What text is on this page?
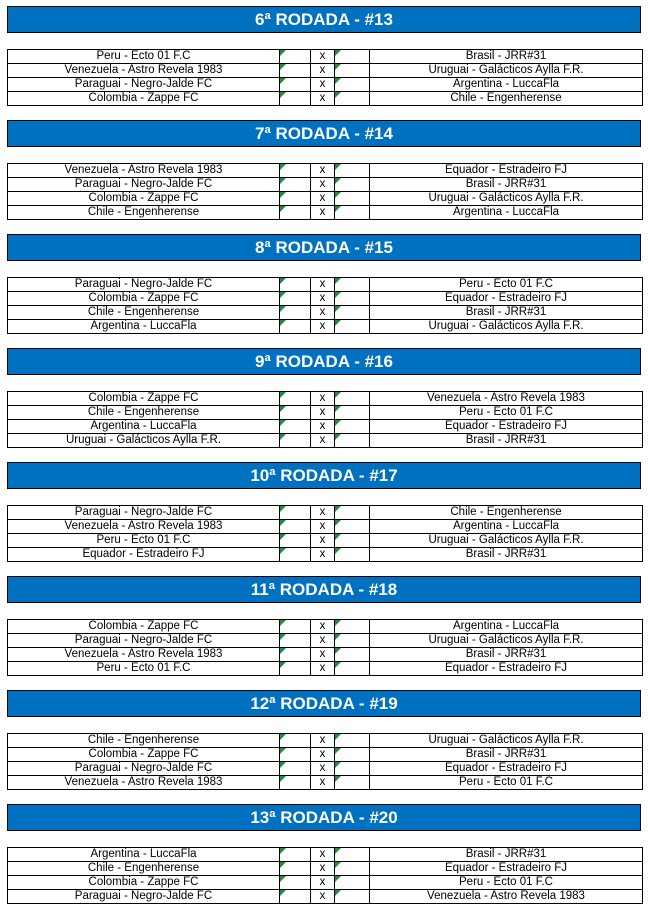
6ª RODADA - #13
Peru - Ecto 01 F.C		x		Brasil - JRR#31
Venezuela - Astro Revela 1983		x		Uruguai - Galácticos Aylla F.R.
Paraguai - Negro-Jalde FC		x		Argentina - LuccaFla
Colombia - Zappe FC		x		Chile - Engenherense
7ª RODADA - #14
Venezuela - Astro Revela 1983		x		Equador - Estradeiro FJ
Paraguai - Negro-Jalde FC		x		Brasil - JRR#31
Colombia - Zappe FC		x		Uruguai - Galácticos Aylla F.R.
Chile - Engenherense		x		Argentina - LuccaFla
8ª RODADA - #15
Paraguai - Negro-Jalde FC		x		Peru - Ecto 01 F.C
Colombia - Zappe FC		x		Equador - Estradeiro FJ
Chile - Engenherense		x		Brasil - JRR#31
Argentina - LuccaFla		x		Uruguai - Galácticos Aylla F.R.
9ª RODADA - #16
Colombia - Zappe FC		x		Venezuela - Astro Revela 1983
Chile - Engenherense		x		Peru - Ecto 01 F.C
Argentina - LuccaFla		x		Equador - Estradeiro FJ
Uruguai - Galácticos Aylla F.R.		x		Brasil - JRR#31
10ª RODADA - #17
Paraguai - Negro-Jalde FC		x		Chile - Engenherense
Venezuela - Astro Revela 1983		x		Argentina - LuccaFla
Peru - Ecto 01 F.C		x		Uruguai - Galácticos Aylla F.R.
Equador - Estradeiro FJ		x		Brasil - JRR#31
11ª RODADA - #18
Colombia - Zappe FC		x		Argentina - LuccaFla
Paraguai - Negro-Jalde FC		x		Uruguai - Galácticos Aylla F.R.
Venezuela - Astro Revela 1983		x		Brasil - JRR#31
Peru - Ecto 01 F.C		x		Equador - Estradeiro FJ
12ª RODADA - #19
Chile - Engenherense		x		Uruguai - Galácticos Aylla F.R.
Colombia - Zappe FC		x		Brasil - JRR#31
Paraguai - Negro-Jalde FC		x		Equador - Estradeiro FJ
Venezuela - Astro Revela 1983		x		Peru - Ecto 01 F.C
13ª RODADA - #20
Argentina - LuccaFla		x		Brasil - JRR#31
Chile - Engenherense		x		Equador - Estradeiro FJ
Colombia - Zappe FC		x		Peru - Ecto 01 F.C
Paraguai - Negro-Jalde FC		x		Venezuela - Astro Revela 1983
